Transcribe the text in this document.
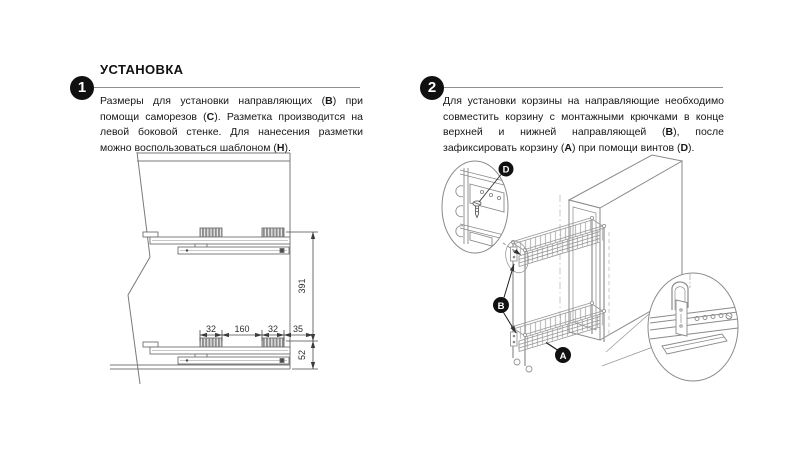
УСТАНОВКА
1
Размеры для установки направляющих (B) при помощи саморезов (C). Разметка производится на левой боковой стенке. Для нанесения разметки можно воспользоваться шаблоном (H).
2
Для установки корзины на направляющие необходимо совместить корзину с монтажными крючками в конце верхней и нижней направляющей (B), после зафиксировать корзину (A) при помощи винтов (D).
391
52
32 160 32 35
D
B
A
